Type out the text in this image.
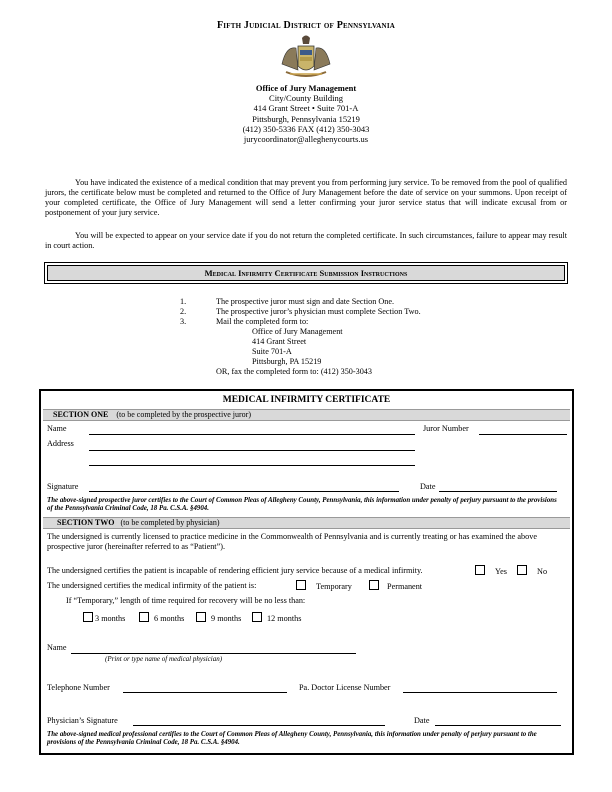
Fifth Judicial District of Pennsylvania
Office of Jury Management
City/County Building
414 Grant Street • Suite 701-A
Pittsburgh, Pennsylvania 15219
(412) 350-5336 FAX (412) 350-3043
jurycoordinator@alleghenycourts.us
You have indicated the existence of a medical condition that may prevent you from performing jury service. To be removed from the pool of qualified jurors, the certificate below must be completed and returned to the Office of Jury Management before the date of service on your summons. Upon receipt of your completed certificate, the Office of Jury Management will send a letter confirming your juror service status that will indicate excusal from or postponement of your jury service.
You will be expected to appear on your service date if you do not return the completed certificate. In such circumstances, failure to appear may result in court action.
Medical Infirmity Certificate Submission Instructions
1.	The prospective juror must sign and date Section One.
2.	The prospective juror’s physician must complete Section Two.
3.	Mail the completed form to:
Office of Jury Management
414 Grant Street
Suite 701-A
Pittsburgh, PA 15219
OR, fax the completed form to: (412) 350-3043
MEDICAL INFIRMITY CERTIFICATE
SECTION ONE (to be completed by the prospective juror)
Name	Juror Number
Address
Signature	Date
The above-signed prospective juror certifies to the Court of Common Pleas of Allegheny County, Pennsylvania, this information under penalty of perjury pursuant to the provisions of the Pennsylvania Criminal Code, 18 Pa. C.S.A. §4904.
SECTION TWO (to be completed by physician)
The undersigned is currently licensed to practice medicine in the Commonwealth of Pennsylvania and is currently treating or has examined the above prospective juror (hereinafter referred to as “Patient”).
The undersigned certifies the patient is incapable of rendering efficient jury service because of a medical infirmity.	Yes	No
The undersigned certifies the medical infirmity of the patient is:	Temporary	Permanent
If “Temporary,” length of time required for recovery will be no less than:
3 months	6 months	9 months	12 months
Name
(Print or type name of medical physician)
Telephone Number	Pa. Doctor License Number
Physician’s Signature	Date
The above-signed medical professional certifies to the Court of Common Pleas of Allegheny County, Pennsylvania, this information under penalty of perjury pursuant to the provisions of the Pennsylvania Criminal Code, 18 Pa. C.S.A. §4904.
